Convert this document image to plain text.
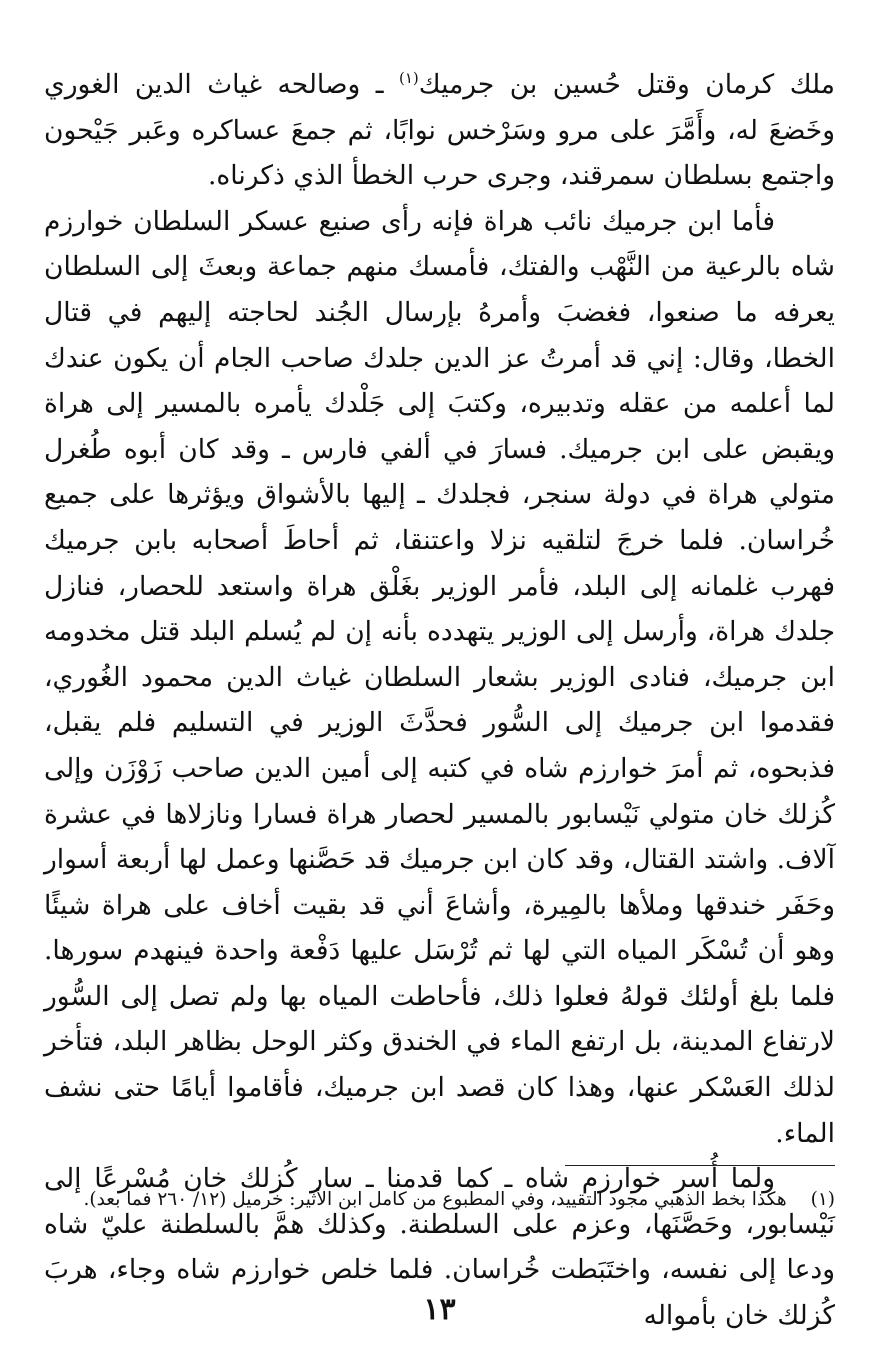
ملك كرمان وقتل حُسين بن جرميك$^{(١)}$ ـ وصالحه غياث الدين الغوري وخَضعَ له، وأَمَّرَ على مرو وسَرْخس نوابًا، ثم جمعَ عساكره وعَبر جَيْحون واجتمع بسلطان سمرقند، وجرى حرب الخطأ الذي ذكرناه.

فأما ابن جرميك نائب هراة فإنه رأى صنيع عسكر السلطان خوارزم شاه بالرعية من النَّهْب والفتك، فأمسك منهم جماعة وبعثَ إلى السلطان يعرفه ما صنعوا، فغضبَ وأمرهُ بإرسال الجُند لحاجته إليهم في قتال الخطا، وقال: إني قد أمرتُ عز الدين جلدك صاحب الجام أن يكون عندك لما أعلمه من عقله وتدبيره، وكتبَ إلى جَلْدك يأمره بالمسير إلى هراة ويقبض على ابن جرميك. فسارَ في ألفي فارس ـ وقد كان أبوه طُغرل متولي هراة في دولة سنجر، فجلدك ـ إليها بالأشواق ويؤثرها على جميع خُراسان. فلما خرجَ لتلقيه نزلا واعتنقا، ثم أحاطَ أصحابه بابن جرميك فهرب غلمانه إلى البلد، فأمر الوزير بغَلْق هراة واستعد للحصار، فنازل جلدك هراة، وأرسل إلى الوزير يتهدده بأنه إن لم يُسلم البلد قتل مخدومه ابن جرميك، فنادى الوزير بشعار السلطان غياث الدين محمود الغُوري، فقدموا ابن جرميك إلى السُّور فحدَّثَ الوزير في التسليم فلم يقبل، فذبحوه، ثم أمرَ خوارزم شاه في كتبه إلى أمين الدين صاحب زَوْزَن وإلى كُزلك خان متولي نَيْسابور بالمسير لحصار هراة فسارا ونازلاها في عشرة آلاف. واشتد القتال، وقد كان ابن جرميك قد حَصَّنها وعمل لها أربعة أسوار وحَفَر خندقها وملأها بالمِيرة، وأشاعَ أني قد بقيت أخاف على هراة شيئًا وهو أن تُسْكَر المياه التي لها ثم تُرْسَل عليها دَفْعة واحدة فينهدم سورها. فلما بلغ أولئك قولهُ فعلوا ذلك، فأحاطت المياه بها ولم تصل إلى السُّور لارتفاع المدينة، بل ارتفع الماء في الخندق وكثر الوحل بظاهر البلد، فتأخر لذلك العَسْكر عنها، وهذا كان قصد ابن جرميك، فأقاموا أيامًا حتى نشف الماء.

ولما أُسر خوارزم شاه ـ كما قدمنا ـ سار كُزلك خان مُسْرعًا إلى نَيْسابور، وحَصَّنَها، وعزم على السلطنة. وكذلك همَّ بالسلطنة عليّ شاه ودعا إلى نفسه، واختَبَطت خُراسان. فلما خلص خوارزم شاه وجاء، هربَ كُزلك خان بأمواله

(١)هكذا بخط الذهبي مجود التقييد، وفي المطبوع من كامل ابن الأثير: خرميل (١٢/ ٢٦٠ فما بعد).
١٣
